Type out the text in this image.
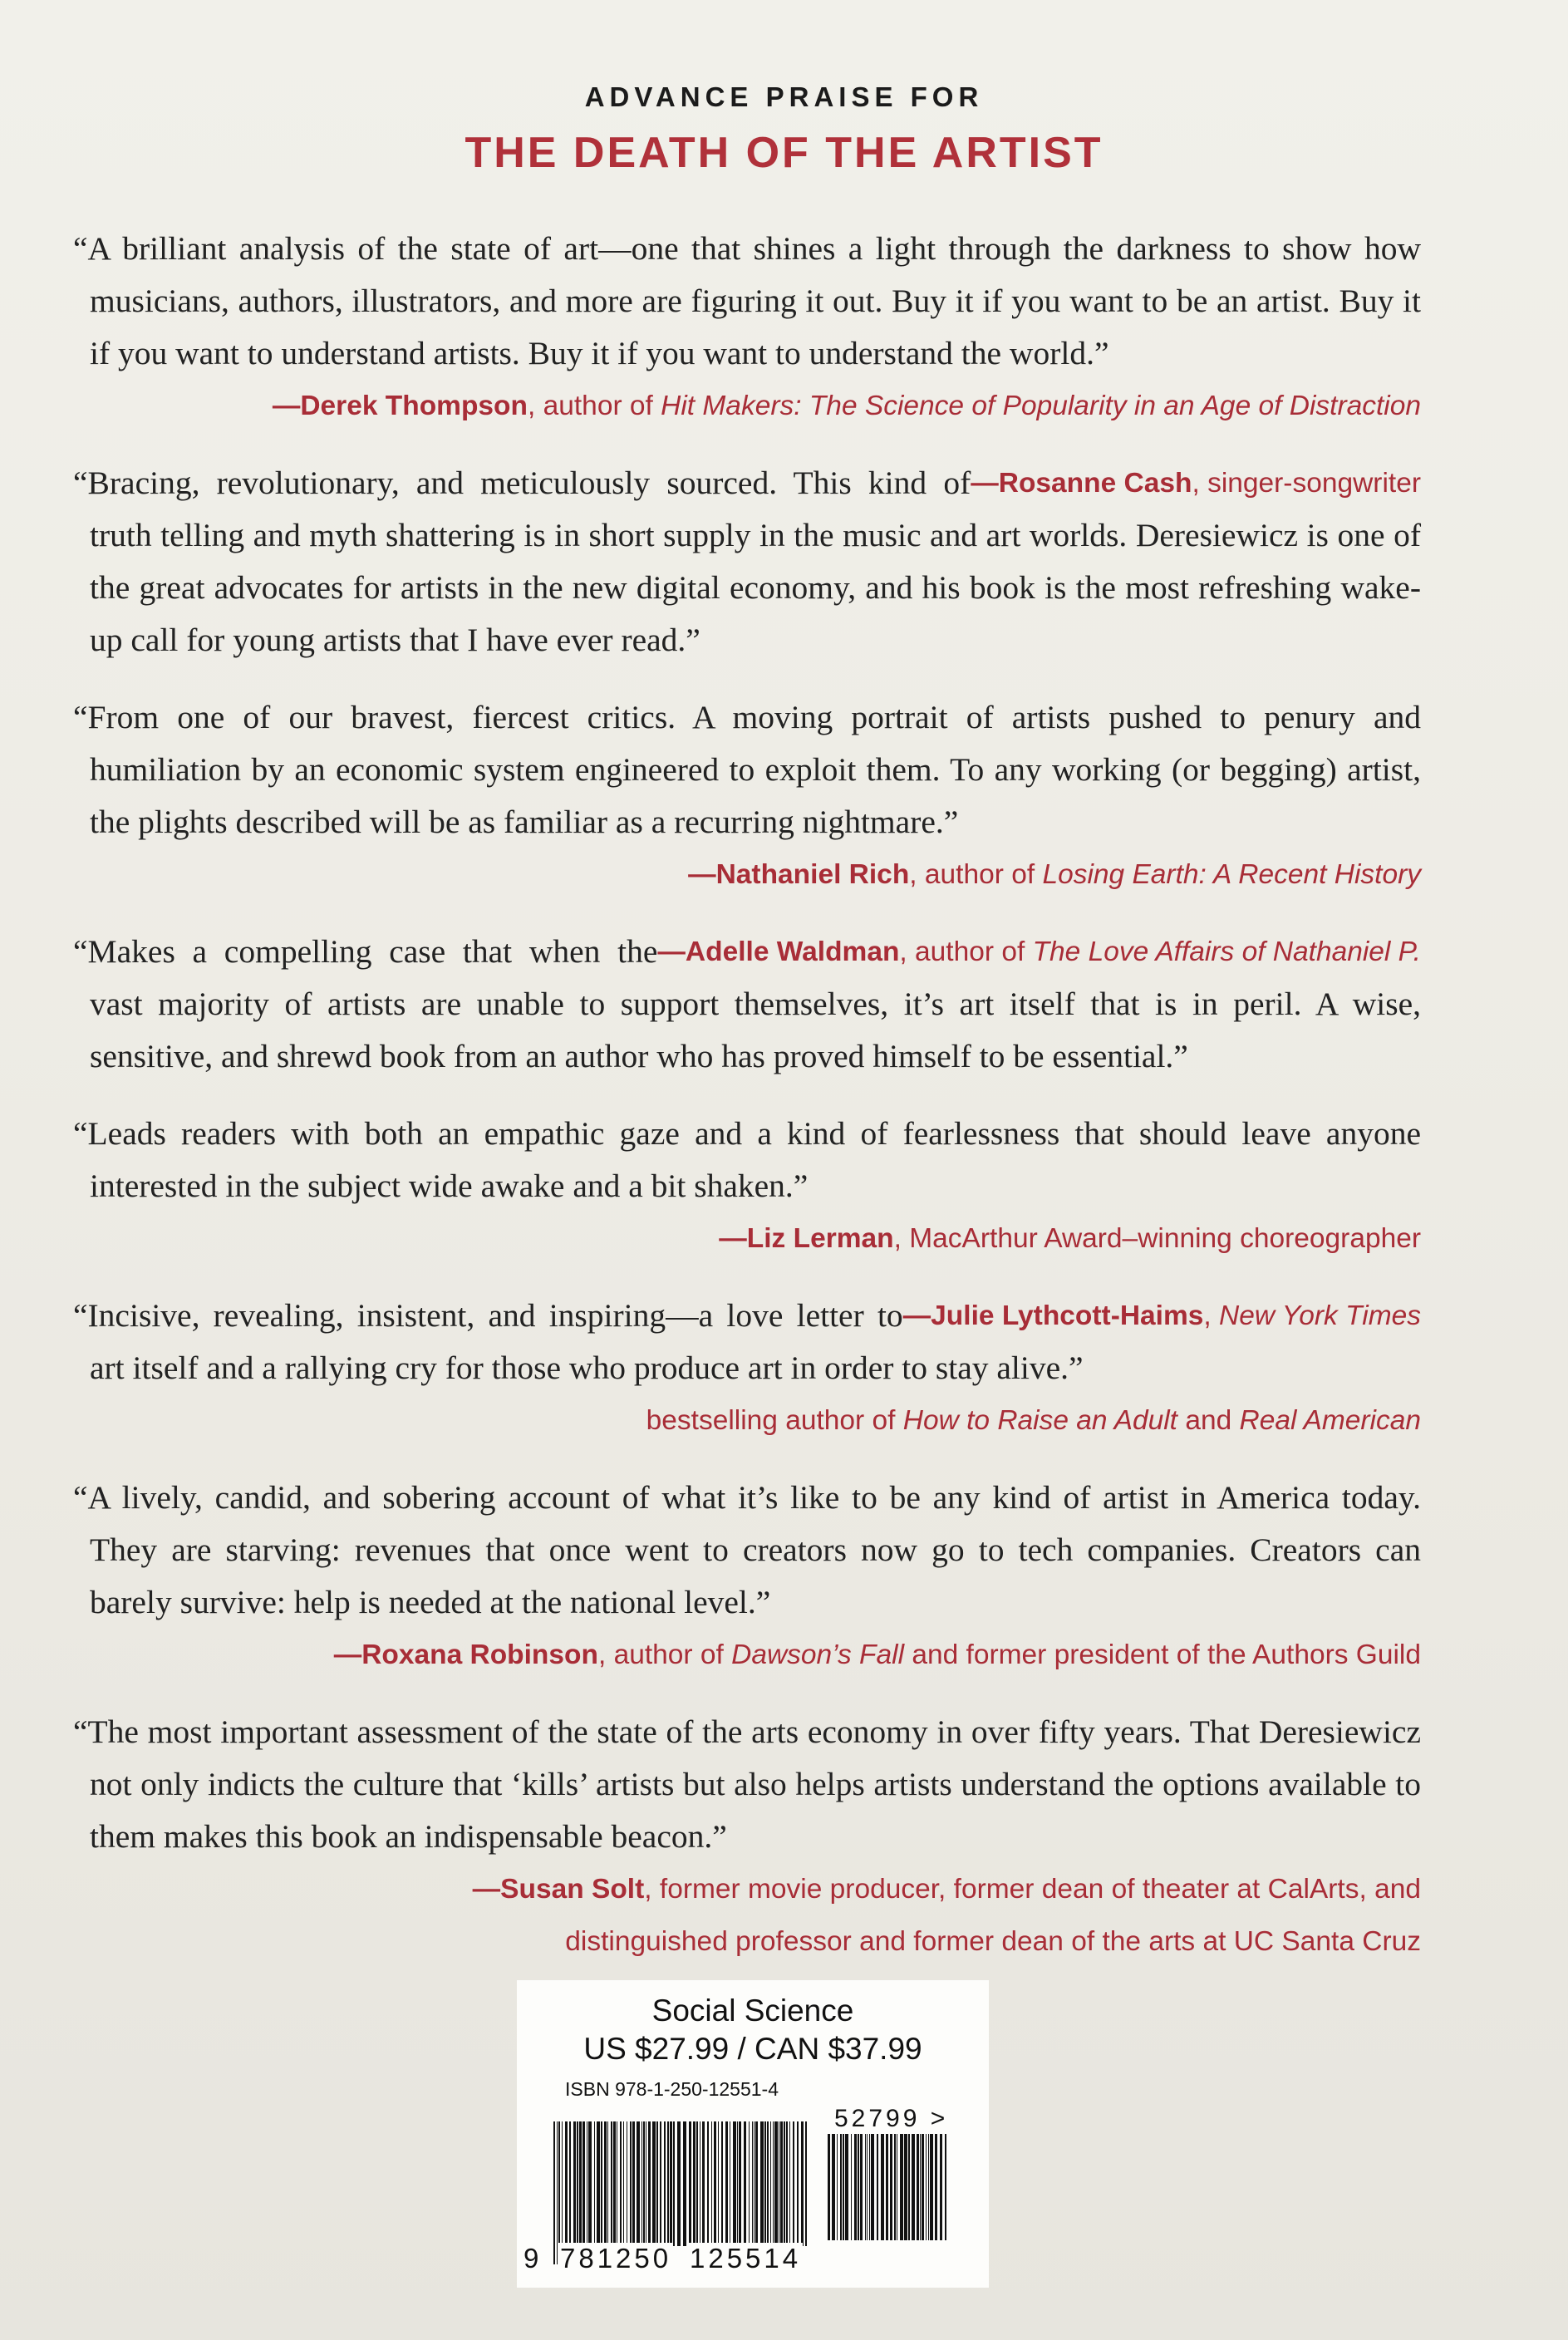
ADVANCE PRAISE FOR
THE DEATH OF THE ARTIST
“A brilliant analysis of the state of art—one that shines a light through the darkness to show how musicians, authors, illustrators, and more are figuring it out. Buy it if you want to be an artist. Buy it if you want to understand artists. Buy it if you want to understand the world.”
—Derek Thompson, author of Hit Makers: The Science of Popularity in an Age of Distraction
—Rosanne Cash, singer-songwriter
“Bracing, revolutionary, and meticulously sourced. This kind of truth telling and myth shattering is in short supply in the music and art worlds. Deresiewicz is one of the great advocates for artists in the new digital economy, and his book is the most refreshing wake-up call for young artists that I have ever read.”
“From one of our bravest, fiercest critics. A moving portrait of artists pushed to penury and humiliation by an economic system engineered to exploit them. To any working (or begging) artist, the plights described will be as familiar as a recurring nightmare.”
—Nathaniel Rich, author of Losing Earth: A Recent History
—Adelle Waldman, author of The Love Affairs of Nathaniel P.
“Makes a compelling case that when the vast majority of artists are unable to support themselves, it’s art itself that is in peril. A wise, sensitive, and shrewd book from an author who has proved himself to be essential.”
“Leads readers with both an empathic gaze and a kind of fearlessness that should leave anyone interested in the subject wide awake and a bit shaken.”
—Liz Lerman, MacArthur Award–winning choreographer
—Julie Lythcott-Haims, New York Times
“Incisive, revealing, insistent, and inspiring—a love letter to art itself and a rallying cry for those who produce art in order to stay alive.”
bestselling author of How to Raise an Adult and Real American
“A lively, candid, and sobering account of what it’s like to be any kind of artist in America today. They are starving: revenues that once went to creators now go to tech companies. Creators can barely survive: help is needed at the national level.”
—Roxana Robinson, author of Dawson’s Fall and former president of the Authors Guild
“The most important assessment of the state of the arts economy in over fifty years. That Deresiewicz not only indicts the culture that ‘kills’ artists but also helps artists understand the options available to them makes this book an indispensable beacon.”
—Susan Solt, former movie producer, former dean of theater at CalArts, and
distinguished professor and former dean of the arts at UC Santa Cruz
Social Science
US $27.99 / CAN $37.99
ISBN 978-1-250-12551-4
52799 >
9 781250 125514
